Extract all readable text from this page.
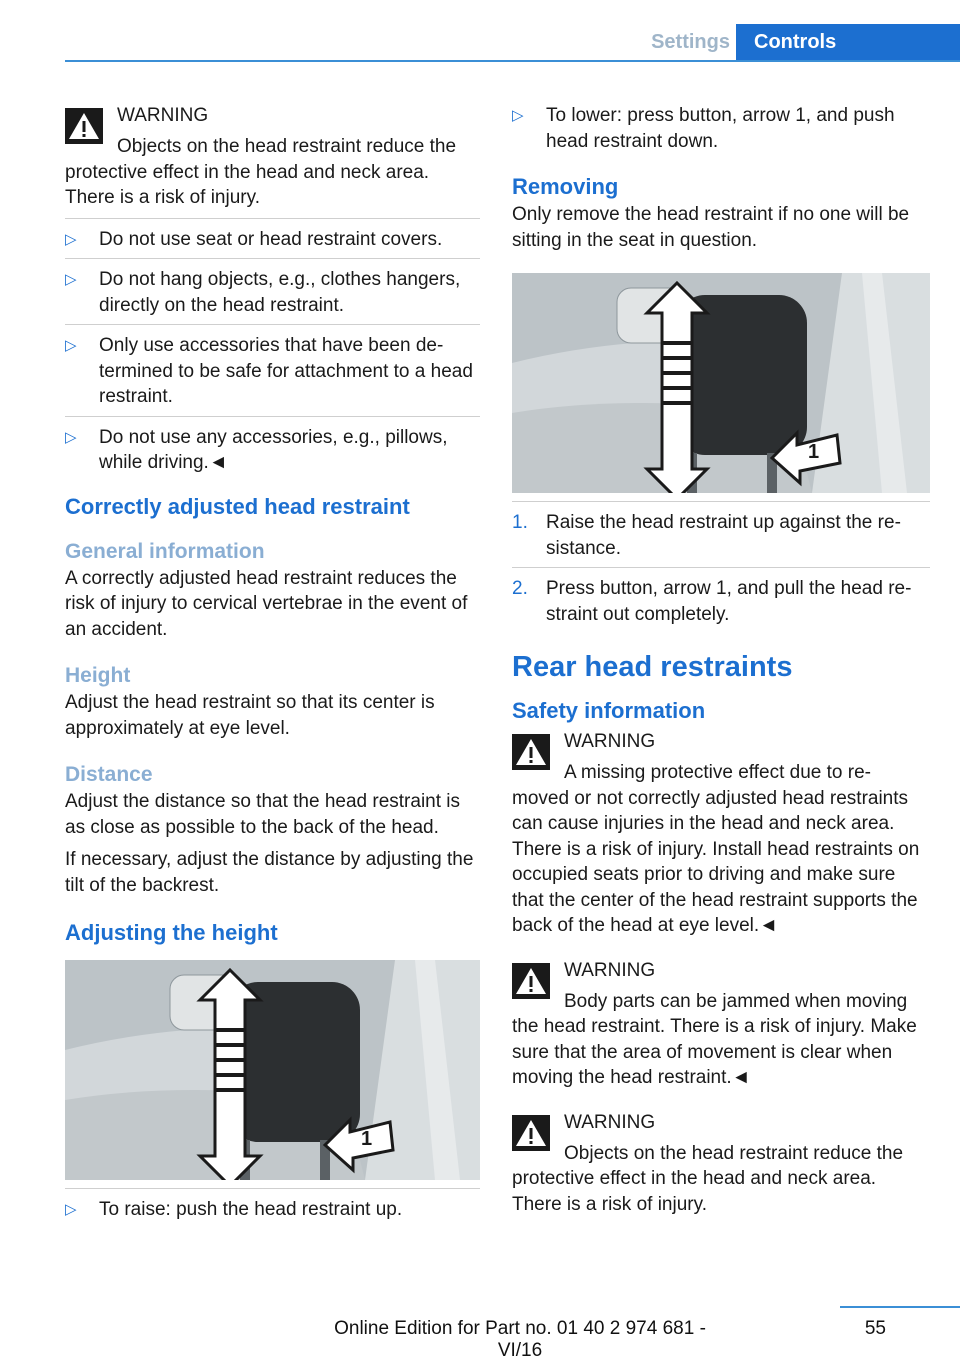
Settings	Controls
WARNING
Objects on the head restraint reduce the
protective effect in the head and neck area. There is a risk of injury.
▷	Do not use seat or head restraint covers.
▷	Do not hang objects, e.g., clothes hangers, directly on the head restraint.
▷	Only use accessories that have been determined to be safe for attachment to a head restraint.
▷	Do not use any accessories, e.g., pillows, while driving.◄
Correctly adjusted head restraint
General information
A correctly adjusted head restraint reduces the risk of injury to cervical vertebrae in the event of an accident.
Height
Adjust the head restraint so that its center is approximately at eye level.
Distance
Adjust the distance so that the head restraint is as close as possible to the back of the head.
If necessary, adjust the distance by adjusting the tilt of the backrest.
Adjusting the height
1
▷	To raise: push the head restraint up.
▷	To lower: press button, arrow 1, and push head restraint down.
Removing
Only remove the head restraint if no one will be sitting in the seat in question.
1
1. Raise the head restraint up against the resistance.
2. Press button, arrow 1, and pull the head restraint out completely.
Rear head restraints
Safety information
WARNING
A missing protective effect due to re-
moved or not correctly adjusted head restraints can cause injuries in the head and neck area. There is a risk of injury. Install head restraints on occupied seats prior to driving and make sure that the center of the head restraint supports the back of the head at eye level.◄
WARNING
Body parts can be jammed when moving
the head restraint. There is a risk of injury. Make sure that the area of movement is clear when moving the head restraint.◄
WARNING
Objects on the head restraint reduce the
protective effect in the head and neck area. There is a risk of injury.
55
Online Edition for Part no. 01 40 2 974 681 - VI/16
